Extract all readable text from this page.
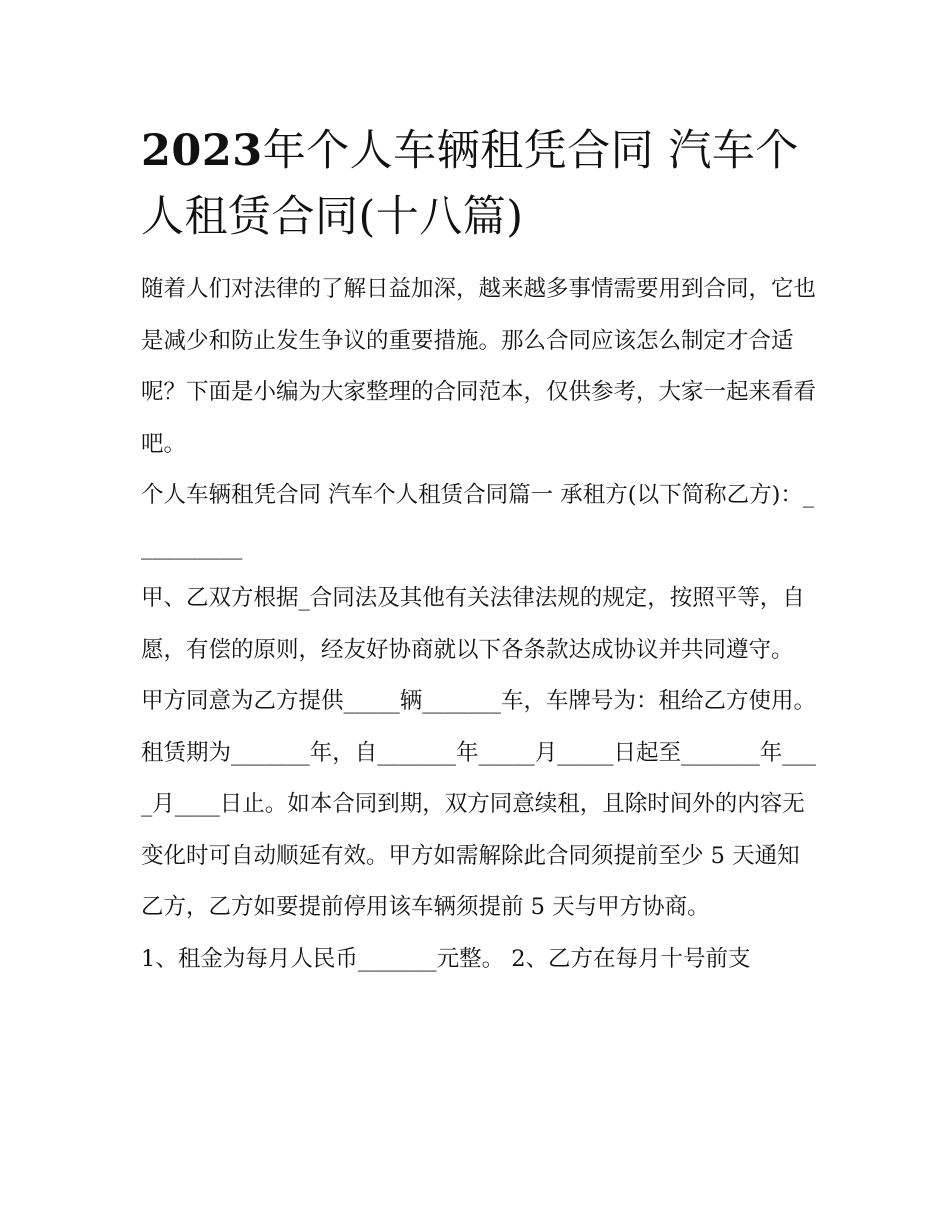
2023年个人车辆租凭合同 汽车个人租赁合同(十八篇)

随着人们对法律的了解日益加深，越来越多事情需要用到合同，它也是减少和防止发生争议的重要措施。那么合同应该怎么制定才合适呢？下面是小编为大家整理的合同范本，仅供参考，大家一起来看看吧。

个人车辆租凭合同 汽车个人租赁合同篇一 承租方(以下简称乙方)：__________

甲、乙双方根据_合同法及其他有关法律法规的规定，按照平等，自愿，有偿的原则，经友好协商就以下各条款达成协议并共同遵守。

甲方同意为乙方提供_____辆_______车，车牌号为：租给乙方使用。租赁期为_______年，自_______年_____月_____日起至_______年____月____日止。如本合同到期，双方同意续租，且除时间外的内容无变化时可自动顺延有效。甲方如需解除此合同须提前至少 5 天通知乙方，乙方如要提前停用该车辆须提前 5 天与甲方协商。

1、租金为每月人民币_______元整。 2、乙方在每月十号前支
